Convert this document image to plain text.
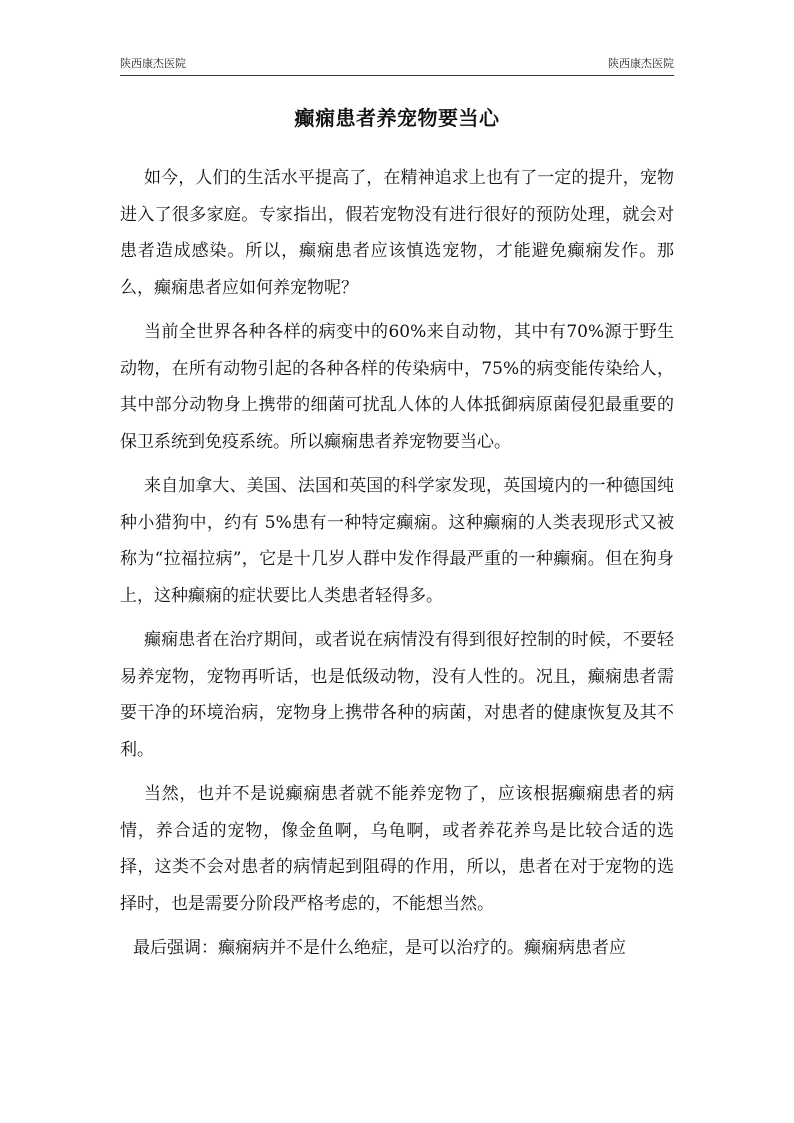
陕西康杰医院	陕西康杰医院
癫痫患者养宠物要当心

如今，人们的生活水平提高了，在精神追求上也有了一定的提升，宠物进入了很多家庭。专家指出，假若宠物没有进行很好的预防处理，就会对患者造成感染。所以，癫痫患者应该慎选宠物，才能避免癫痫发作。那么，癫痫患者应如何养宠物呢？

当前全世界各种各样的病变中的60%来自动物，其中有70%源于野生动物，在所有动物引起的各种各样的传染病中，75%的病变能传染给人，其中部分动物身上携带的细菌可扰乱人体的人体抵御病原菌侵犯最重要的保卫系统到免疫系统。所以癫痫患者养宠物要当心。

来自加拿大、美国、法国和英国的科学家发现，英国境内的一种德国纯种小猎狗中，约有 5%患有一种特定癫痫。这种癫痫的人类表现形式又被称为“拉福拉病”，它是十几岁人群中发作得最严重的一种癫痫。但在狗身上，这种癫痫的症状要比人类患者轻得多。

癫痫患者在治疗期间，或者说在病情没有得到很好控制的时候，不要轻易养宠物，宠物再听话，也是低级动物，没有人性的。况且，癫痫患者需要干净的环境治病，宠物身上携带各种的病菌，对患者的健康恢复及其不利。

当然，也并不是说癫痫患者就不能养宠物了，应该根据癫痫患者的病情，养合适的宠物，像金鱼啊，乌龟啊，或者养花养鸟是比较合适的选择，这类不会对患者的病情起到阻碍的作用，所以，患者在对于宠物的选择时，也是需要分阶段严格考虑的，不能想当然。

最后强调：癫痫病并不是什么绝症，是可以治疗的。癫痫病患者应
